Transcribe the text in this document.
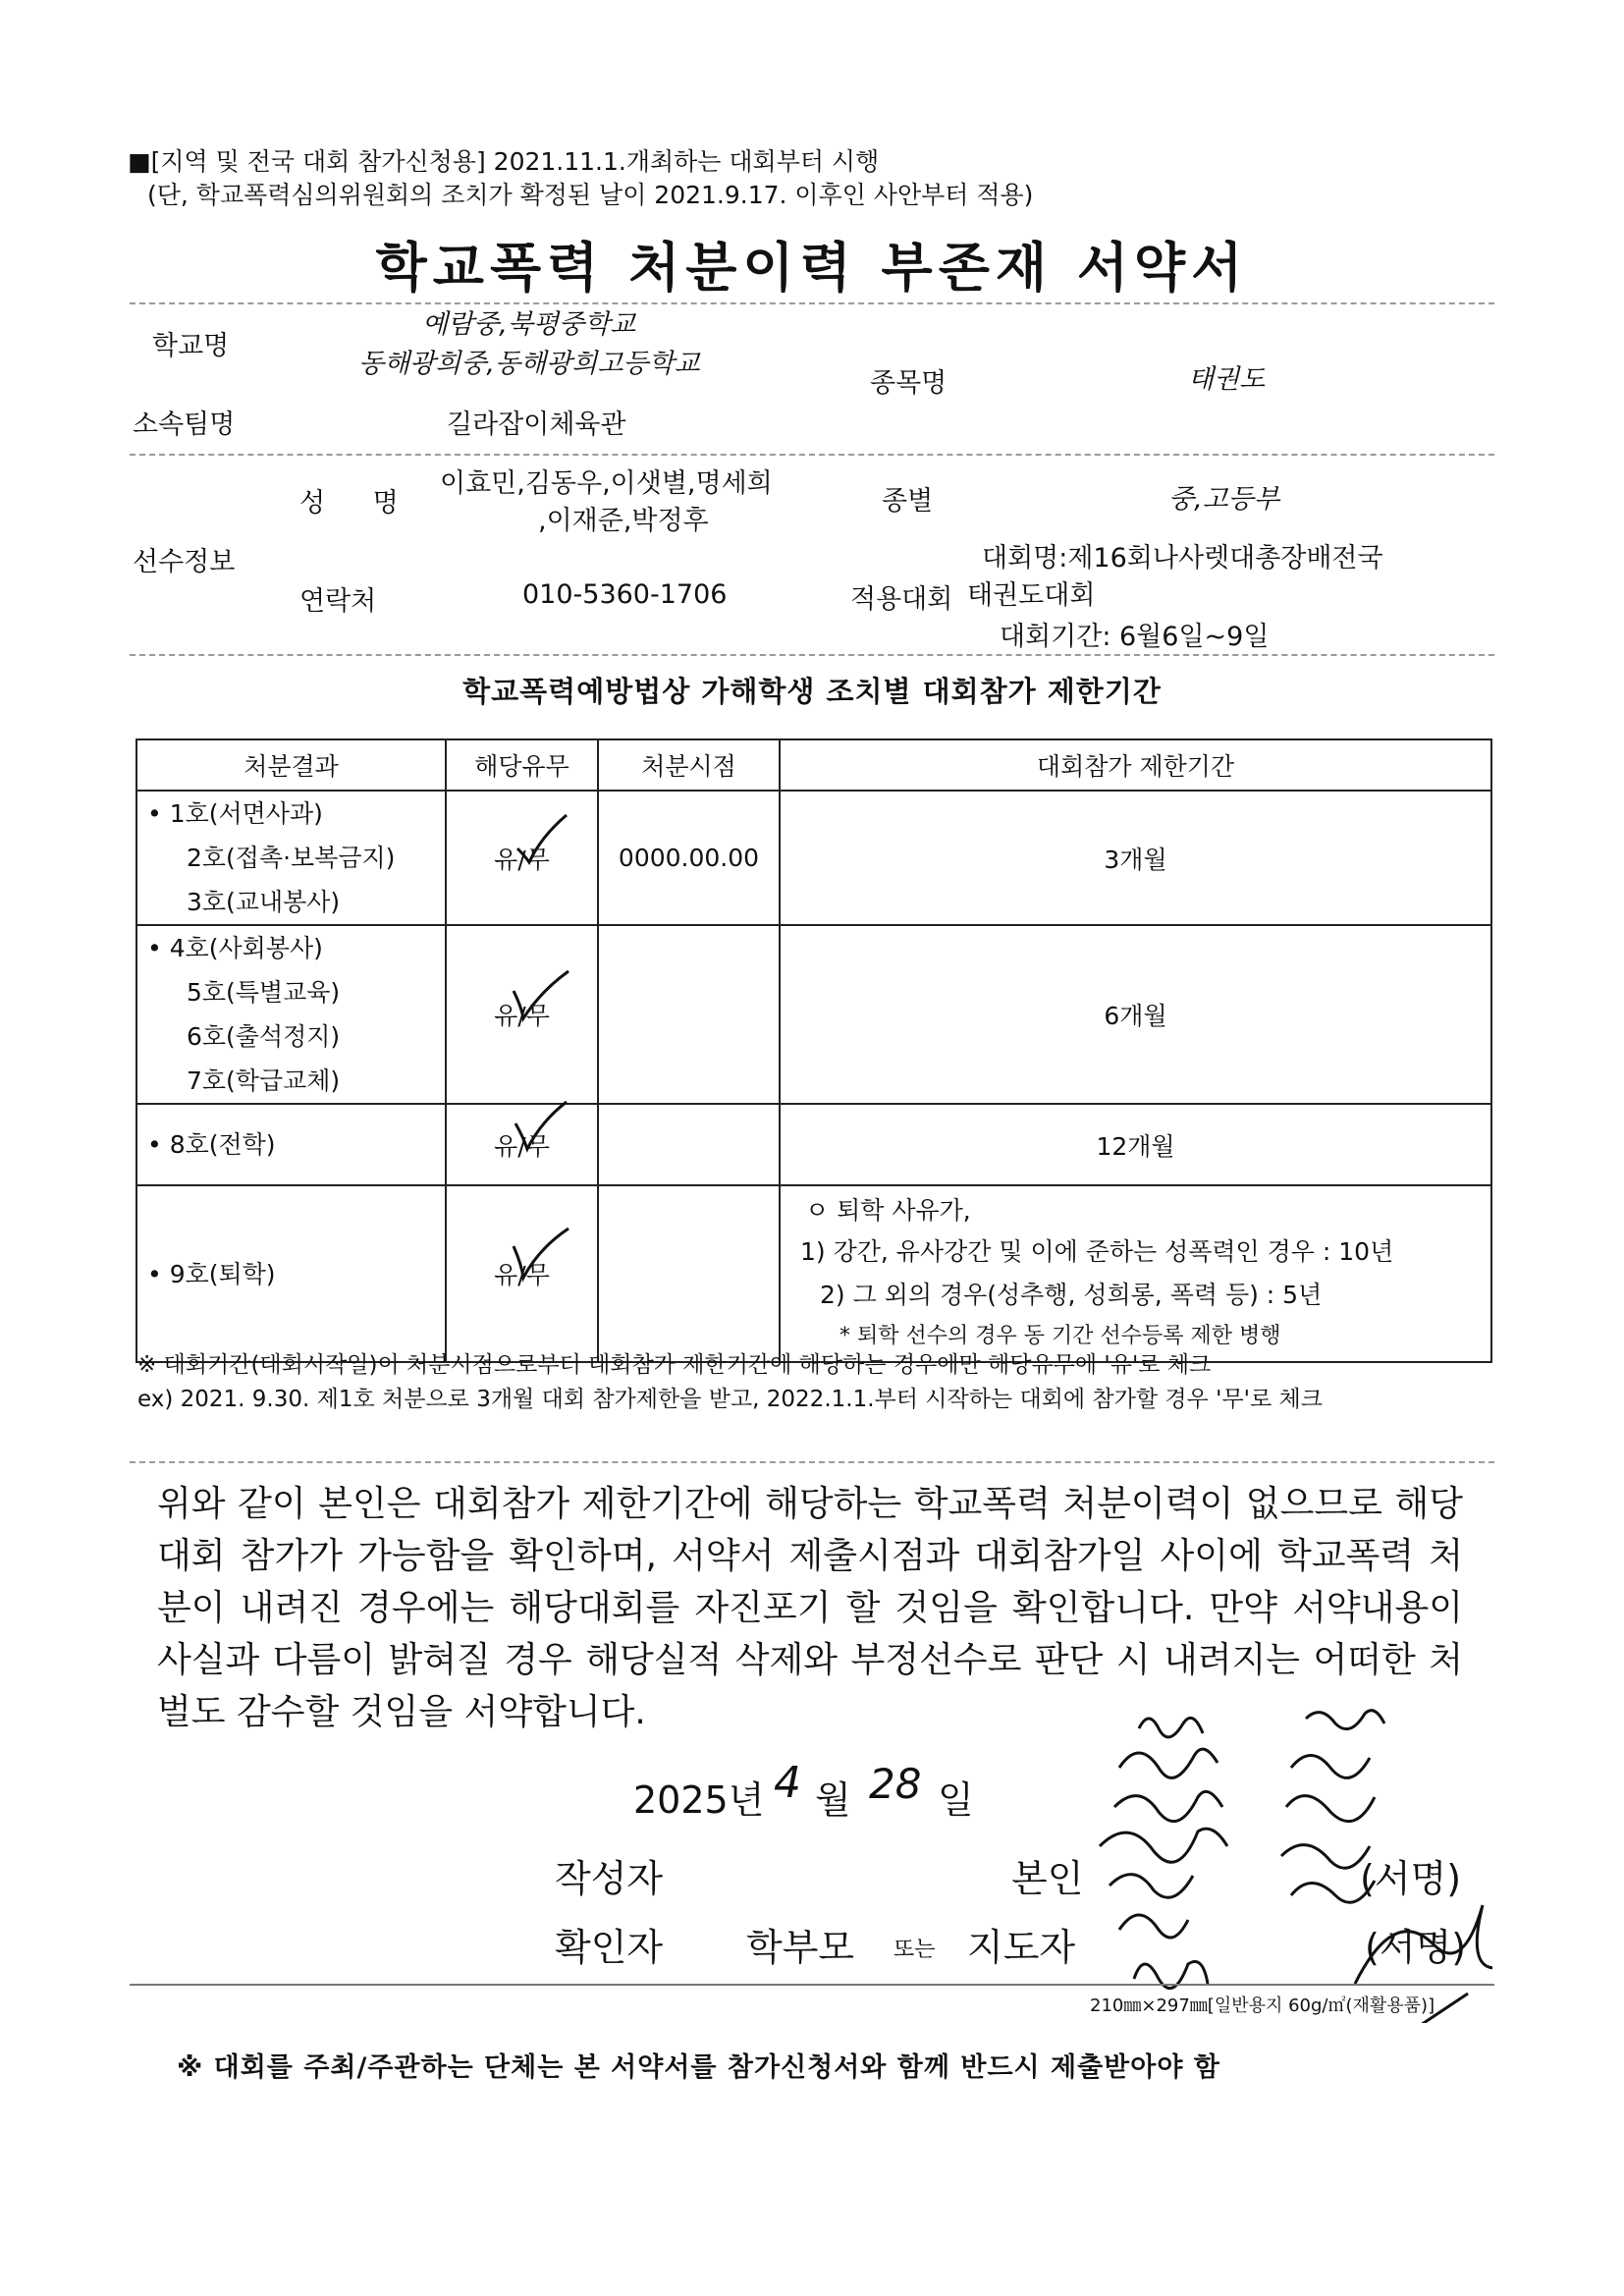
■[지역 및 전국 대회 참가신청용] 2021.11.1.개최하는 대회부터 시행
(단, 학교폭력심의위원회의 조치가 확정된 날이 2021.9.17. 이후인 사안부터 적용)
학교폭력 처분이력 부존재 서약서
학교명
예람중,북평중학교
동해광희중,동해광희고등학교
종목명	태권도
소속팀명	길라잡이체육관
성 명
이효민,김동우,이샛별,명세희
,이재준,박정후
종별	중,고등부
선수정보	대회명:제16회나사렛대총장배전국
연락처	010-5360-1706	적용대회 태권도대회
대회기간: 6월6일~9일
학교폭력예방법상 가해학생 조치별 대회참가 제한기간
처분결과	해당유무	처분시점	대회참가 제한기간

• 1호(서면사과)
2호(접촉·보복금지)
3호(교내봉사)	유/무	0000.00.00	3개월

• 4호(사회봉사)
5호(특별교육)
6호(출석정지)
7호(학급교체)	유/무		6개월

• 8호(전학)	유/무		12개월

• 9호(퇴학)	유/무		ㅇ 퇴학 사유가,
1) 강간, 유사강간 및 이에 준하는 성폭력인 경우 : 10년
2) 그 외의 경우(성추행, 성희롱, 폭력 등) : 5년
* 퇴학 선수의 경우 동 기간 선수등록 제한 병행
※ 대회기간(대회시작일)이 처분시점으로부터 대회참가 제한기간에 해당하는 경우에만 해당유무에 '유'로 체크
ex) 2021. 9.30. 제1호 처분으로 3개월 대회 참가제한을 받고, 2022.1.1.부터 시작하는 대회에 참가할 경우 '무'로 체크
위와 같이 본인은 대회참가 제한기간에 해당하는 학교폭력 처분이력이 없으므로 해당 대회 참가가 가능함을 확인하며, 서약서 제출시점과 대회참가일 사이에 학교폭력 처분이 내려진 경우에는 해당대회를 자진포기 할 것임을 확인합니다. 만약 서약내용이 사실과 다름이 밝혀질 경우 해당실적 삭제와 부정선수로 판단 시 내려지는 어떠한 처벌도 감수할 것임을 서약합니다.
2025년 4 월 28 일
작성자	본인	(서명)
확인자 학부모 또는 지도자	(서명)
210㎜×297㎜[일반용지 60g/㎡(재활용품)]
※ 대회를 주최/주관하는 단체는 본 서약서를 참가신청서와 함께 반드시 제출받아야 함
